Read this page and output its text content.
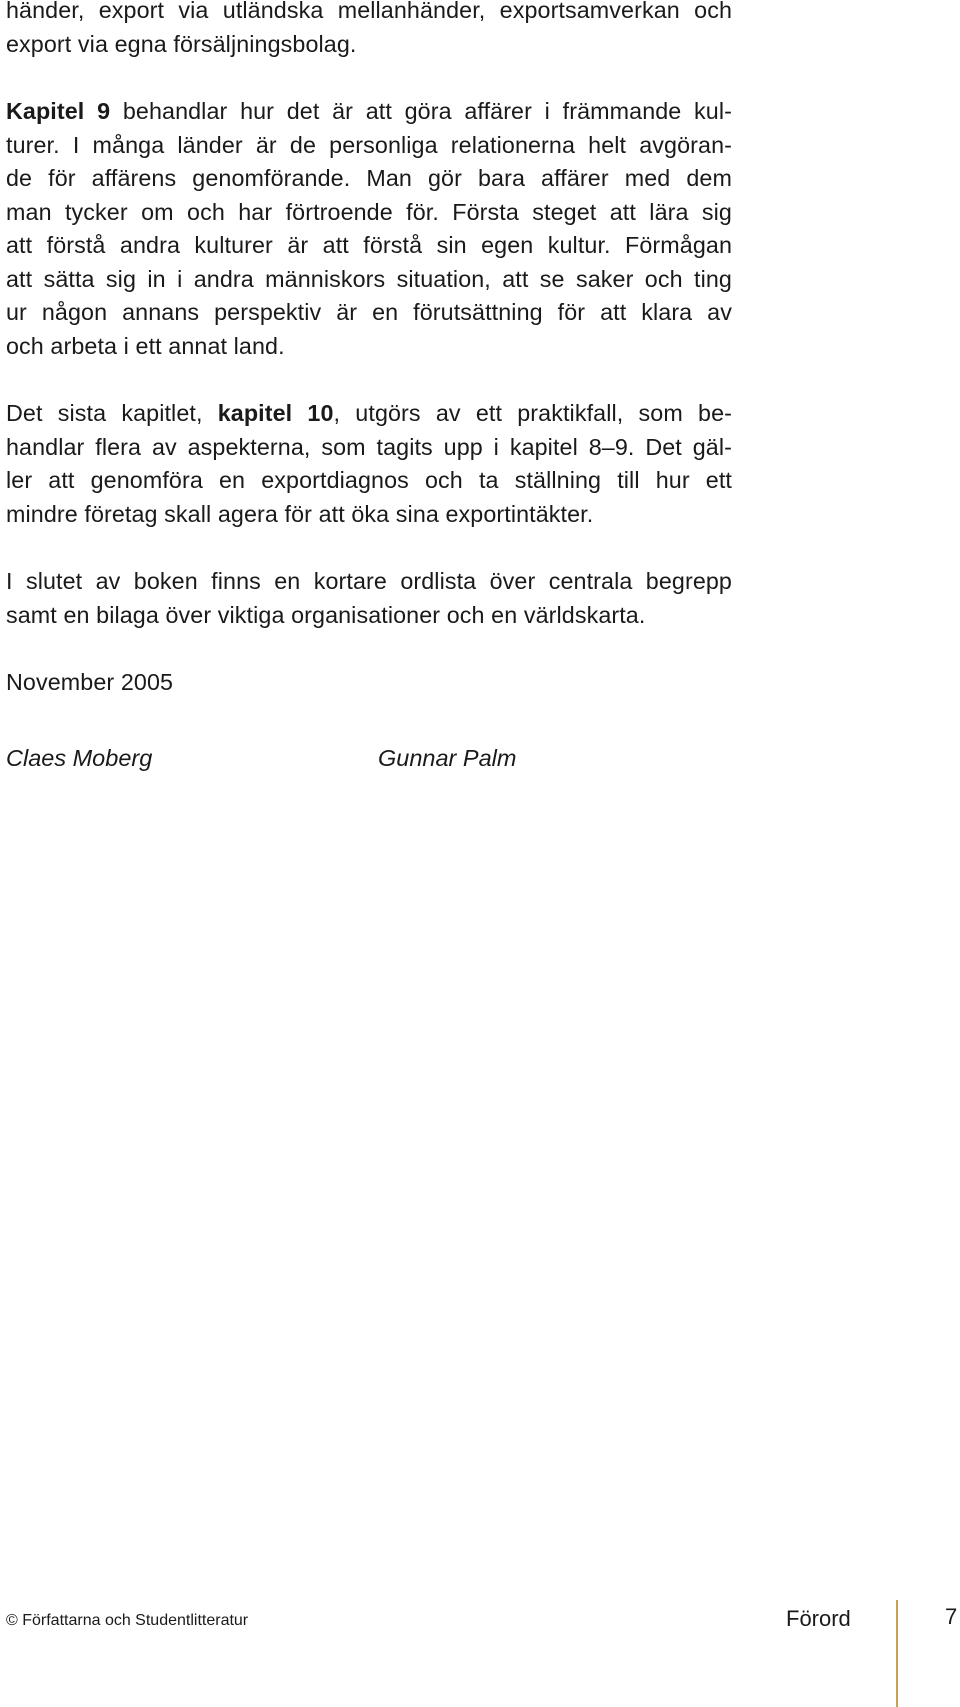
händer, export via utländska mellanhänder, exportsamverkan och
export via egna försäljningsbolag.

Kapitel 9 behandlar hur det är att göra affärer i främmande kul-
turer. I många länder är de personliga relationerna helt avgöran-
de för affärens genomförande. Man gör bara affärer med dem
man tycker om och har förtroende för. Första steget att lära sig
att förstå andra kulturer är att förstå sin egen kultur. Förmågan
att sätta sig in i andra människors situation, att se saker och ting
ur någon annans perspektiv är en förutsättning för att klara av
och arbeta i ett annat land.

Det sista kapitlet, kapitel 10, utgörs av ett praktikfall, som be-
handlar flera av aspekterna, som tagits upp i kapitel 8–9. Det gäl-
ler att genomföra en exportdiagnos och ta ställning till hur ett
mindre företag skall agera för att öka sina exportintäkter.

I slutet av boken finns en kortare ordlista över centrala begrepp
samt en bilaga över viktiga organisationer och en världskarta.

November 2005

Claes Moberg	Gunnar Palm
© Författarna och Studentlitteratur	Förord	7
